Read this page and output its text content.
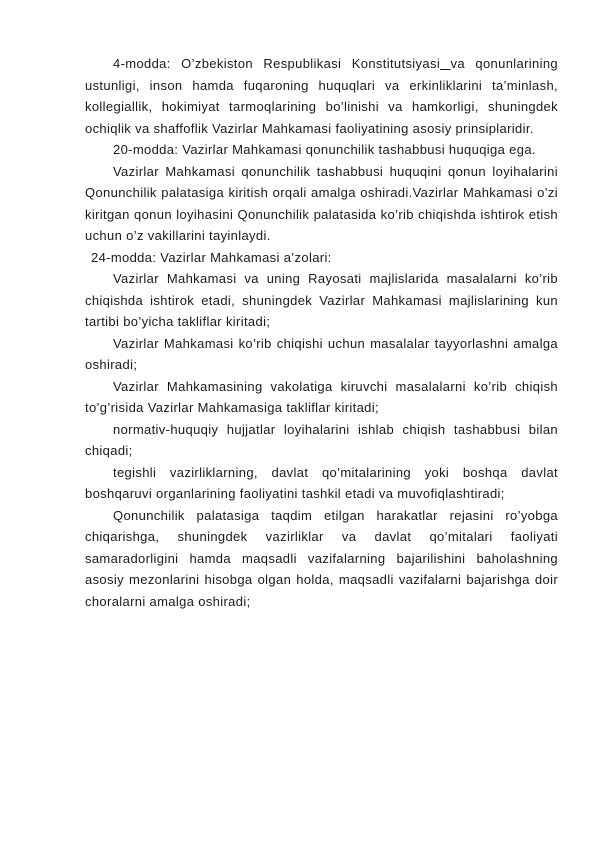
4-modda: O’zbekiston Respublikasi Konstitutsiyasi va qonunlarining ustunligi, inson hamda fuqaroning huquqlari va erkinliklarini ta’minlash, kollegiallik, hokimiyat tarmoqlarining bo’linishi va hamkorligi, shuningdek ochiqlik va shaffoflik Vazirlar Mahkamasi faoliyatining asosiy prinsiplaridir.

20-modda: Vazirlar Mahkamasi qonunchilik tashabbusi huquqiga ega.

Vazirlar Mahkamasi qonunchilik tashabbusi huquqini qonun loyihalarini Qonunchilik palatasiga kiritish orqali amalga oshiradi.Vazirlar Mahkamasi o’zi kiritgan qonun loyihasini Qonunchilik palatasida ko’rib chiqishda ishtirok etish uchun o’z vakillarini tayinlaydi.

24-modda: Vazirlar Mahkamasi a’zolari:

Vazirlar Mahkamasi va uning Rayosati majlislarida masalalarni ko’rib chiqishda ishtirok etadi, shuningdek Vazirlar Mahkamasi majlislarining kun tartibi bo’yicha takliflar kiritadi;

Vazirlar Mahkamasi ko’rib chiqishi uchun masalalar tayyorlashni amalga oshiradi;

Vazirlar Mahkamasining vakolatiga kiruvchi masalalarni ko’rib chiqish to’g’risida Vazirlar Mahkamasiga takliflar kiritadi;

normativ-huquqiy hujjatlar loyihalarini ishlab chiqish tashabbusi bilan chiqadi;

tegishli vazirliklarning, davlat qo’mitalarining yoki boshqa davlat boshqaruvi organlarining faoliyatini tashkil etadi va muvofiqlashtiradi;

Qonunchilik palatasiga taqdim etilgan harakatlar rejasini ro’yobga chiqarishga, shuningdek vazirliklar va davlat qo’mitalari faoliyati samaradorligini hamda maqsadli vazifalarning bajarilishini baholashning asosiy mezonlarini hisobga olgan holda, maqsadli vazifalarni bajarishga doir choralarni amalga oshiradi;
